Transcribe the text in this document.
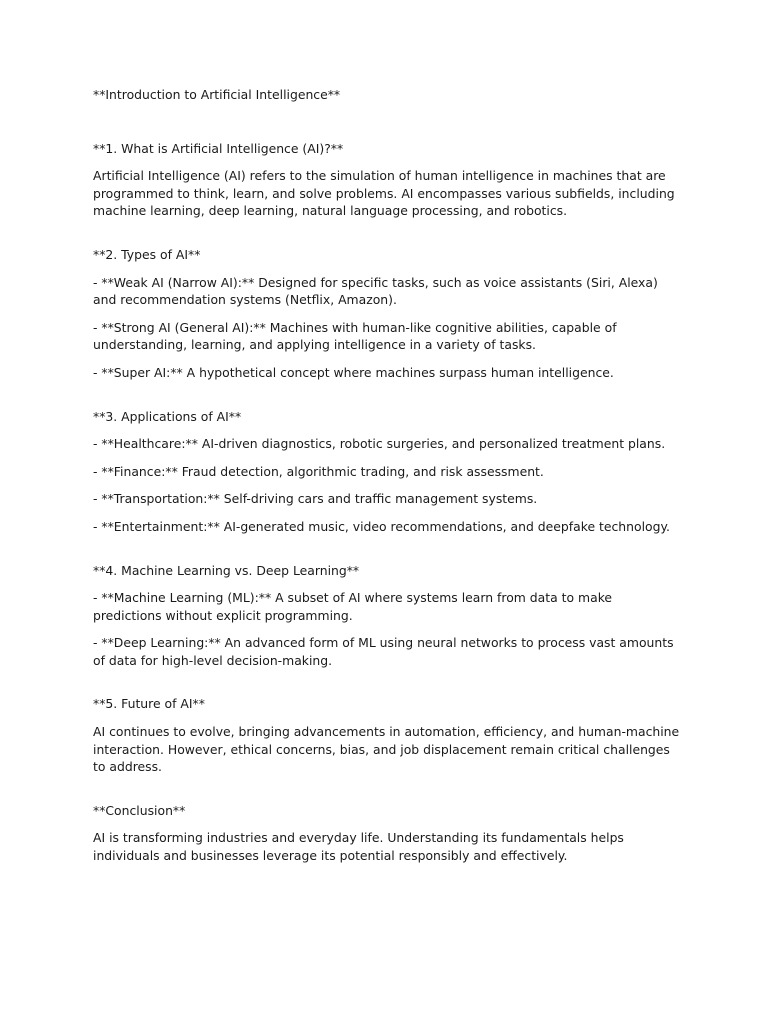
**Introduction to Artificial Intelligence**

**1. What is Artificial Intelligence (AI)?**

Artificial Intelligence (AI) refers to the simulation of human intelligence in machines that are programmed to think, learn, and solve problems. AI encompasses various subfields, including machine learning, deep learning, natural language processing, and robotics.

**2. Types of AI**

- **Weak AI (Narrow AI):** Designed for specific tasks, such as voice assistants (Siri, Alexa) and recommendation systems (Netflix, Amazon).

- **Strong AI (General AI):** Machines with human-like cognitive abilities, capable of understanding, learning, and applying intelligence in a variety of tasks.

- **Super AI:** A hypothetical concept where machines surpass human intelligence.

**3. Applications of AI**

- **Healthcare:** AI-driven diagnostics, robotic surgeries, and personalized treatment plans.

- **Finance:** Fraud detection, algorithmic trading, and risk assessment.

- **Transportation:** Self-driving cars and traffic management systems.

- **Entertainment:** AI-generated music, video recommendations, and deepfake technology.

**4. Machine Learning vs. Deep Learning**

- **Machine Learning (ML):** A subset of AI where systems learn from data to make predictions without explicit programming.

- **Deep Learning:** An advanced form of ML using neural networks to process vast amounts of data for high-level decision-making.

**5. Future of AI**

AI continues to evolve, bringing advancements in automation, efficiency, and human-machine interaction. However, ethical concerns, bias, and job displacement remain critical challenges to address.

**Conclusion**

AI is transforming industries and everyday life. Understanding its fundamentals helps individuals and businesses leverage its potential responsibly and effectively.
